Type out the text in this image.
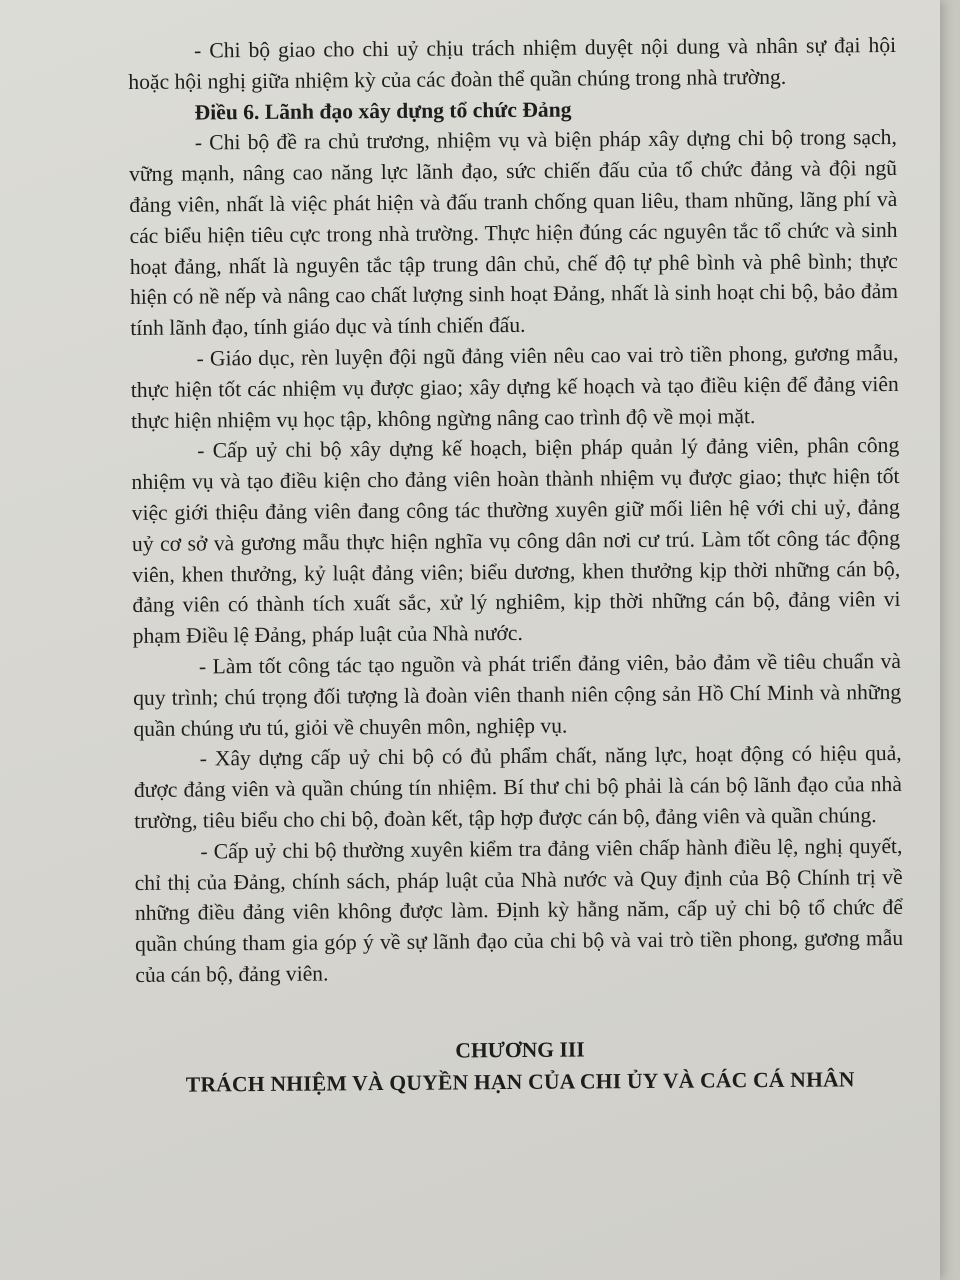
- Chi bộ giao cho chi uỷ chịu trách nhiệm duyệt nội dung và nhân sự đại hội hoặc hội nghị giữa nhiệm kỳ của các đoàn thể quần chúng trong nhà trường.

Điều 6. Lãnh đạo xây dựng tổ chức Đảng

- Chi bộ đề ra chủ trương, nhiệm vụ và biện pháp xây dựng chi bộ trong sạch, vững mạnh, nâng cao năng lực lãnh đạo, sức chiến đấu của tổ chức đảng và đội ngũ đảng viên, nhất là việc phát hiện và đấu tranh chống quan liêu, tham nhũng, lãng phí và các biểu hiện tiêu cực trong nhà trường. Thực hiện đúng các nguyên tắc tổ chức và sinh hoạt đảng, nhất là nguyên tắc tập trung dân chủ, chế độ tự phê bình và phê bình; thực hiện có nề nếp và nâng cao chất lượng sinh hoạt Đảng, nhất là sinh hoạt chi bộ, bảo đảm tính lãnh đạo, tính giáo dục và tính chiến đấu.

- Giáo dục, rèn luyện đội ngũ đảng viên nêu cao vai trò tiền phong, gương mẫu, thực hiện tốt các nhiệm vụ được giao; xây dựng kế hoạch và tạo điều kiện để đảng viên thực hiện nhiệm vụ học tập, không ngừng nâng cao trình độ về mọi mặt.

- Cấp uỷ chi bộ xây dựng kế hoạch, biện pháp quản lý đảng viên, phân công nhiệm vụ và tạo điều kiện cho đảng viên hoàn thành nhiệm vụ được giao; thực hiện tốt việc giới thiệu đảng viên đang công tác thường xuyên giữ mối liên hệ với chi uỷ, đảng uỷ cơ sở và gương mẫu thực hiện nghĩa vụ công dân nơi cư trú. Làm tốt công tác động viên, khen thưởng, kỷ luật đảng viên; biểu dương, khen thưởng kịp thời những cán bộ, đảng viên có thành tích xuất sắc, xử lý nghiêm, kịp thời những cán bộ, đảng viên vi phạm Điều lệ Đảng, pháp luật của Nhà nước.

- Làm tốt công tác tạo nguồn và phát triển đảng viên, bảo đảm về tiêu chuẩn và quy trình; chú trọng đối tượng là đoàn viên thanh niên cộng sản Hồ Chí Minh và những quần chúng ưu tú, giỏi về chuyên môn, nghiệp vụ.

- Xây dựng cấp uỷ chi bộ có đủ phẩm chất, năng lực, hoạt động có hiệu quả, được đảng viên và quần chúng tín nhiệm. Bí thư chi bộ phải là cán bộ lãnh đạo của nhà trường, tiêu biểu cho chi bộ, đoàn kết, tập hợp được cán bộ, đảng viên và quần chúng.

- Cấp uỷ chi bộ thường xuyên kiểm tra đảng viên chấp hành điều lệ, nghị quyết, chỉ thị của Đảng, chính sách, pháp luật của Nhà nước và Quy định của Bộ Chính trị về những điều đảng viên không được làm. Định kỳ hằng năm, cấp uỷ chi bộ tổ chức để quần chúng tham gia góp ý về sự lãnh đạo của chi bộ và vai trò tiền phong, gương mẫu của cán bộ, đảng viên.

CHƯƠNG III
TRÁCH NHIỆM VÀ QUYỀN HẠN CỦA CHI ỦY VÀ CÁC CÁ NHÂN
